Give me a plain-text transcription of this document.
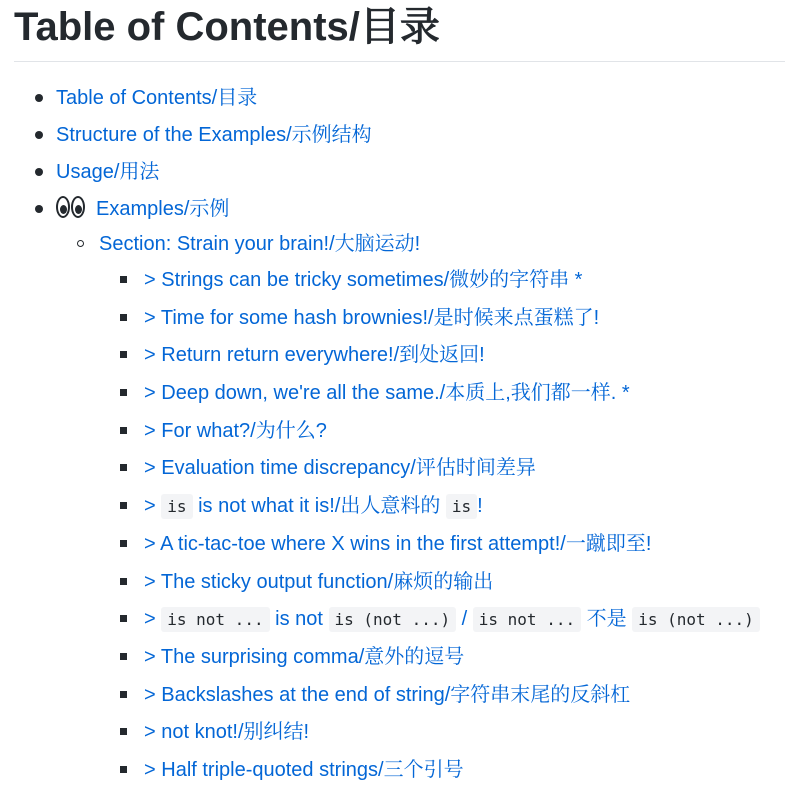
Table of Contents/目录
Table of Contents/目录
Structure of the Examples/示例结构
Usage/用法
Examples/示例
Section: Strain your brain!/大脑运动!
> Strings can be tricky sometimes/微妙的字符串 *
> Time for some hash brownies!/是时候来点蛋糕了!
> Return return everywhere!/到处返回!
> Deep down, we're all the same./本质上,我们都一样. *
> For what?/为什么?
> Evaluation time discrepancy/评估时间差异
> is is not what it is!/出人意料的 is !
> A tic-tac-toe where X wins in the first attempt!/一蹴即至!
> The sticky output function/麻烦的输出
> is not ... is not is (not ...) / is not ... 不是 is (not ...)
> The surprising comma/意外的逗号
> Backslashes at the end of string/字符串末尾的反斜杠
> not knot!/别纠结!
> Half triple-quoted strings/三个引号
